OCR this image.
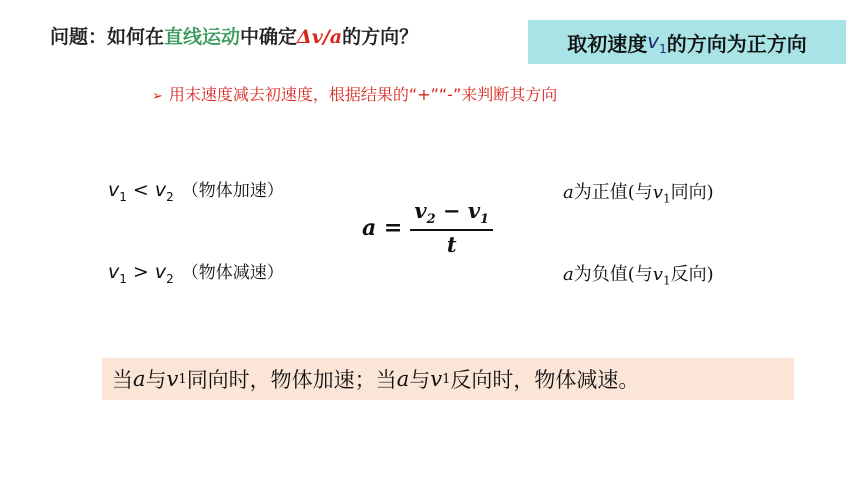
问题：如何在直线运动中确定Δv/a的方向？	取初速度 $v_1$ 的方向为正方向
➢ 用末速度减去初速度，根据结果的“+”“-”来判断其方向
$v_1 < v_2$ （物体加速）
$v_1 > v_2$ （物体减速）
$a = \frac{v_2 - v_1}{t}$
a为正值(与$v_1$同向)
a为负值(与$v_1$反向)
当 a 与 v 1 同向时，物体加速；当 a 与 v 1 反向时，物体减速。
